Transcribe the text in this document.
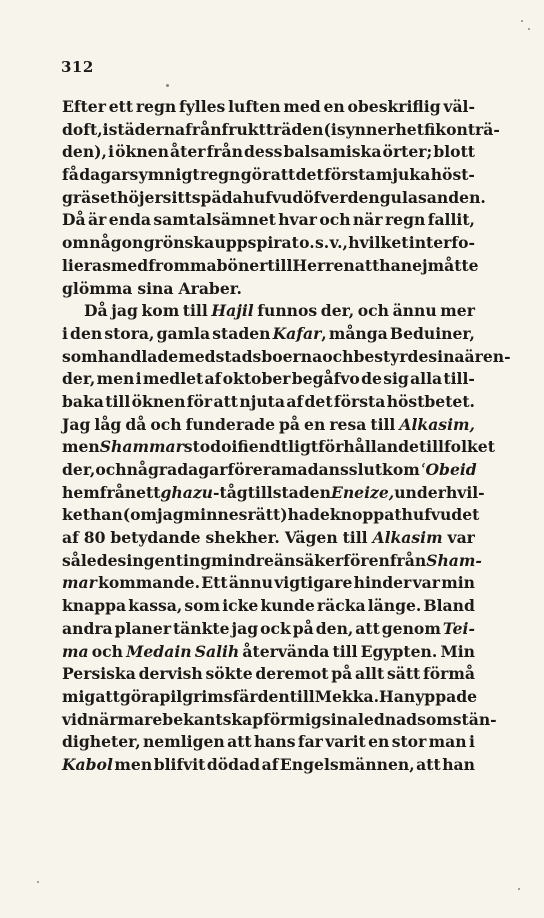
312
Efter ett regn fylles luften med en obeskriflig väl-
doft, i städerna från fruktträden (isynnerhet fikonträ-
den), i öknen åter från dess balsamiska örter; blott
få dagars ymnigt regn gör att det första mjuka höst-
gräset höjer sitt späda hufvud öfver den gula sanden.
Då är enda samtalsämnet hvar och när regn fallit,
om någon grönska uppspirat o. s. v., hvilket interfo-
lieras med fromma böner till Herren att han ej måtte
glömma sina Araber.
Då jag kom till Hajil funnos der, och ännu mer
i den stora, gamla staden Kafar, många Beduiner,
som handlade med stadsboerna och bestyrde sina ären-
der, men i medlet af oktober begåfvo de sig alla till-
baka till öknen för att njuta af det första höstbetet.
Jag låg då och funderade på en resa till Alkasim,
men Shammar stodo i fiendtligt förhållande till folket
der, och några dagar före ramadans slut kom ʿObeid
hem från ett ghazu-tåg till staden Eneize, under hvil-
ket han (om jag minnes rätt) hade knoppat hufvudet
af 80 betydande shekher. Vägen till Alkasim var
således ingenting mindre än säker för en från Sham-
mar kommande. Ett ännu vigtigare hinder var min
knappa kassa, som icke kunde räcka länge. Bland
andra planer tänkte jag ock på den, att genom Tei-
ma och Medain Salih återvända till Egypten. Min
Persiska dervish sökte deremot på allt sätt förmå
mig att göra pilgrimsfärden till Mekka. Han yppade
vid närmare bekantskap för mig sina lednadsomstän-
digheter, nemligen att hans far varit en stor man i
Kabol men blifvit dödad af Engelsmännen, att han
